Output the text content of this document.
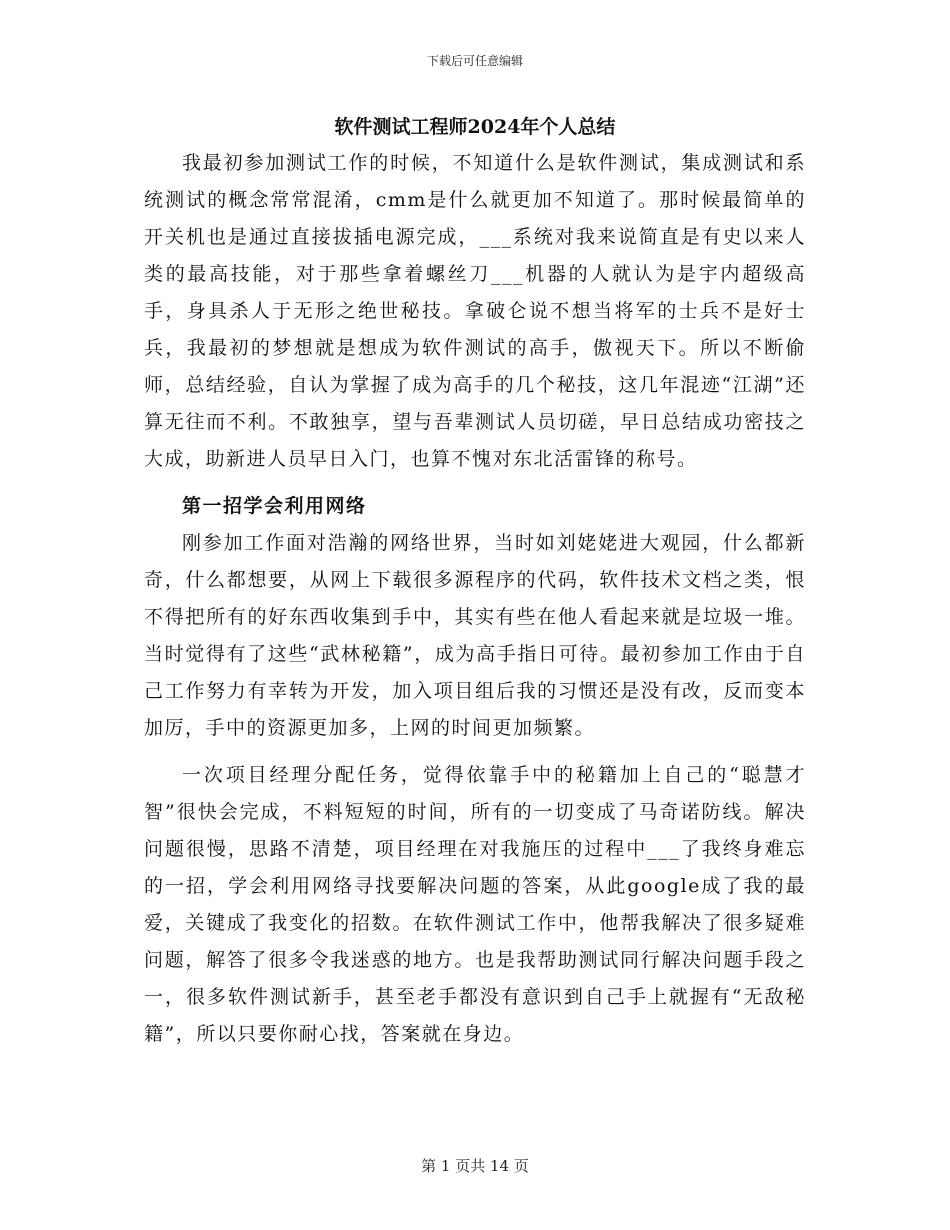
下载后可任意编辑
软件测试工程师2024年个人总结

我最初参加测试工作的时候，不知道什么是软件测试，集成测试和系统测试的概念常常混淆，cmm是什么就更加不知道了。那时候最简单的开关机也是通过直接拔插电源完成，___系统对我来说简直是有史以来人类的最高技能，对于那些拿着螺丝刀___机器的人就认为是宇内超级高手，身具杀人于无形之绝世秘技。拿破仑说不想当将军的士兵不是好士兵，我最初的梦想就是想成为软件测试的高手，傲视天下。所以不断偷师，总结经验，自认为掌握了成为高手的几个秘技，这几年混迹“江湖”还算无往而不利。不敢独享，望与吾辈测试人员切磋，早日总结成功密技之大成，助新进人员早日入门，也算不愧对东北活雷锋的称号。

第一招学会利用网络

刚参加工作面对浩瀚的网络世界，当时如刘姥姥进大观园，什么都新奇，什么都想要，从网上下载很多源程序的代码，软件技术文档之类，恨不得把所有的好东西收集到手中，其实有些在他人看起来就是垃圾一堆。当时觉得有了这些“武林秘籍”，成为高手指日可待。最初参加工作由于自己工作努力有幸转为开发，加入项目组后我的习惯还是没有改，反而变本加厉，手中的资源更加多，上网的时间更加频繁。

一次项目经理分配任务，觉得依靠手中的秘籍加上自己的“聪慧才智”很快会完成，不料短短的时间，所有的一切变成了马奇诺防线。解决问题很慢，思路不清楚，项目经理在对我施压的过程中___了我终身难忘的一招，学会利用网络寻找要解决问题的答案，从此google成了我的最爱，关键成了我变化的招数。在软件测试工作中，他帮我解决了很多疑难问题，解答了很多令我迷惑的地方。也是我帮助测试同行解决问题手段之一，很多软件测试新手，甚至老手都没有意识到自己手上就握有“无敌秘籍”，所以只要你耐心找，答案就在身边。

第 1 页共 14 页
